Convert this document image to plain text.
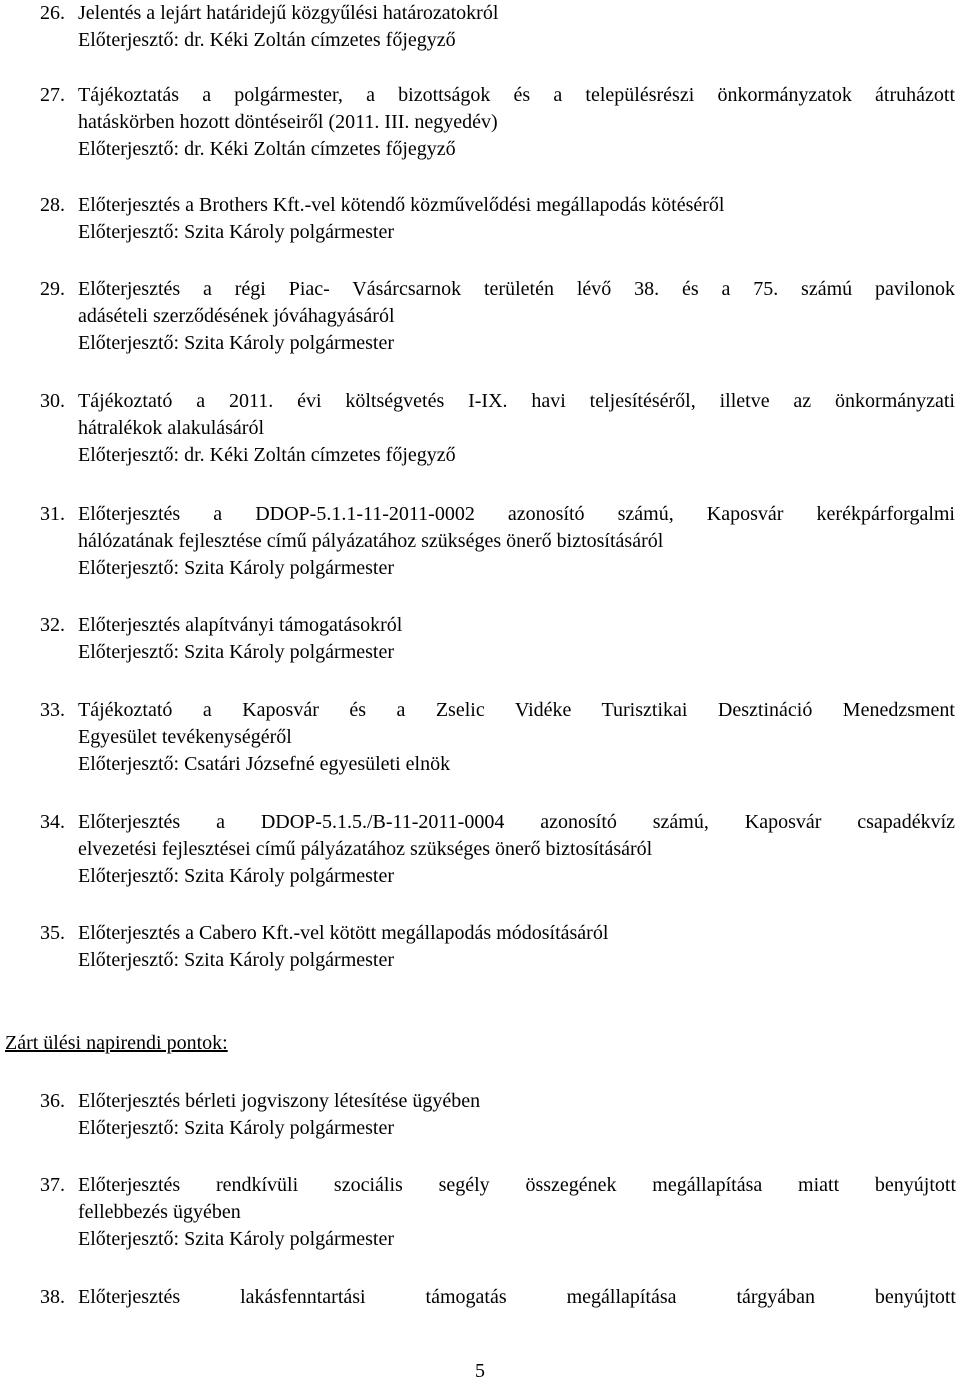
26. Jelentés a lejárt határidejű közgyűlési határozatokról
Előterjesztő: dr. Kéki Zoltán címzetes főjegyző
27. Tájékoztatás a polgármester, a bizottságok és a településrészi önkormányzatok átruházott
hatáskörben hozott döntéseiről (2011. III. negyedév)
Előterjesztő: dr. Kéki Zoltán címzetes főjegyző
28. Előterjesztés a Brothers Kft.-vel kötendő közművelődési megállapodás kötéséről
Előterjesztő: Szita Károly polgármester
29. Előterjesztés a régi Piac- Vásárcsarnok területén lévő 38. és a 75. számú pavilonok
adásételi szerződésének jóváhagyásáról
Előterjesztő: Szita Károly polgármester
30. Tájékoztató a 2011. évi költségvetés I-IX. havi teljesítéséről, illetve az önkormányzati
hátralékok alakulásáról
Előterjesztő: dr. Kéki Zoltán címzetes főjegyző
31. Előterjesztés a DDOP-5.1.1-11-2011-0002 azonosító számú, Kaposvár kerékpárforgalmi
hálózatának fejlesztése című pályázatához szükséges önerő biztosításáról
Előterjesztő: Szita Károly polgármester
32. Előterjesztés alapítványi támogatásokról
Előterjesztő: Szita Károly polgármester
33. Tájékoztató a Kaposvár és a Zselic Vidéke Turisztikai Desztináció Menedzsment
Egyesület tevékenységéről
Előterjesztő: Csatári Józsefné egyesületi elnök
34. Előterjesztés a DDOP-5.1.5./B-11-2011-0004 azonosító számú, Kaposvár csapadékvíz
elvezetési fejlesztései című pályázatához szükséges önerő biztosításáról
Előterjesztő: Szita Károly polgármester
35. Előterjesztés a Cabero Kft.-vel kötött megállapodás módosításáról
Előterjesztő: Szita Károly polgármester
Zárt ülési napirendi pontok:
36. Előterjesztés bérleti jogviszony létesítése ügyében
Előterjesztő: Szita Károly polgármester
37. Előterjesztés rendkívüli szociális segély összegének megállapítása miatt benyújtott
fellebbezés ügyében
Előterjesztő: Szita Károly polgármester
38. Előterjesztés lakásfenntartási támogatás megállapítása tárgyában benyújtott
5
